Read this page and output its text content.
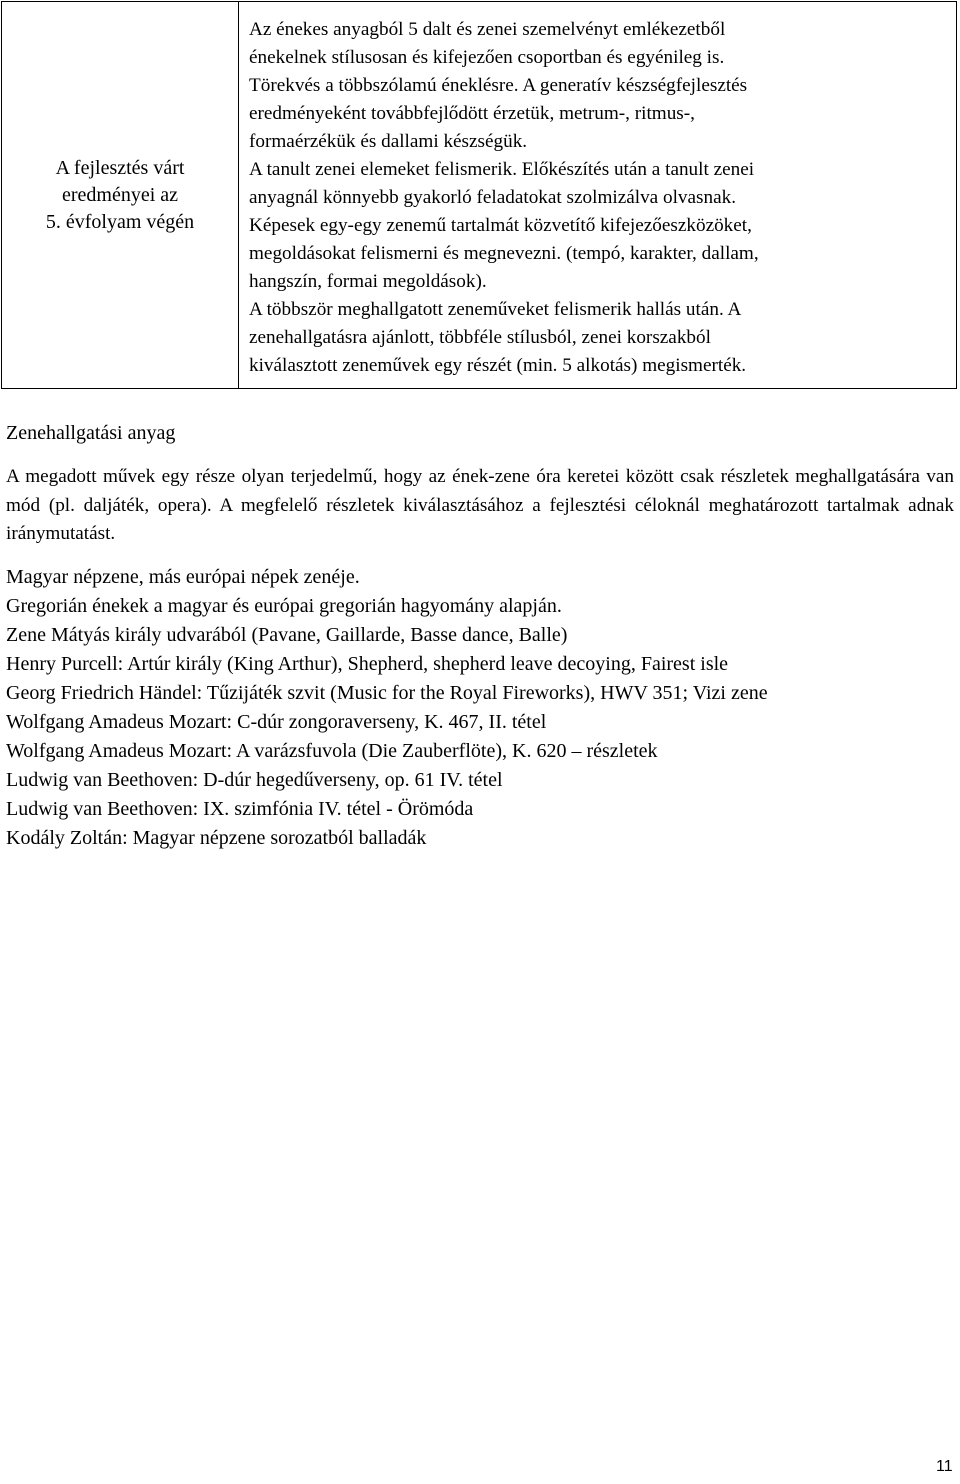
A fejlesztés várt
eredményei az
5. évfolyam végén

Az énekes anyagból 5 dalt és zenei szemelvényt emlékezetből

énekelnek stílusosan és kifejezően csoportban és egyénileg is.

Törekvés a többszólamú éneklésre. A generatív készségfejlesztés

eredményeként továbbfejlődött érzetük, metrum-, ritmus-,

formaérzékük és dallami készségük.

A tanult zenei elemeket felismerik. Előkészítés után a tanult zenei

anyagnál könnyebb gyakorló feladatokat szolmizálva olvasnak.

Képesek egy-egy zenemű tartalmát közvetítő kifejezőeszközöket,

megoldásokat felismerni és megnevezni. (tempó, karakter, dallam,

hangszín, formai megoldások).

A többször meghallgatott zeneműveket felismerik hallás után. A

zenehallgatásra ajánlott, többféle stílusból, zenei korszakból

kiválasztott zeneművek egy részét (min. 5 alkotás) megismerték.

Zenehallgatási anyag

A megadott művek egy része olyan terjedelmű, hogy az ének-zene óra keretei között csak részletek meghallgatására van mód (pl. daljáték, opera). A megfelelő részletek kiválasztásához a fejlesztési céloknál meghatározott tartalmak adnak iránymutatást.

Magyar népzene, más európai népek zenéje.
Gregorián énekek a magyar és európai gregorián hagyomány alapján.
Zene Mátyás király udvarából (Pavane, Gaillarde, Basse dance, Balle)
Henry Purcell: Artúr király (King Arthur), Shepherd, shepherd leave decoying, Fairest isle
Georg Friedrich Händel: Tűzijáték szvit (Music for the Royal Fireworks), HWV 351; Vizi zene
Wolfgang Amadeus Mozart: C-dúr zongoraverseny, K. 467, II. tétel
Wolfgang Amadeus Mozart: A varázsfuvola (Die Zauberflöte), K. 620 – részletek
Ludwig van Beethoven: D-dúr hegedűverseny, op. 61 IV. tétel
Ludwig van Beethoven: IX. szimfónia IV. tétel - Örömóda
Kodály Zoltán: Magyar népzene sorozatból balladák
11
